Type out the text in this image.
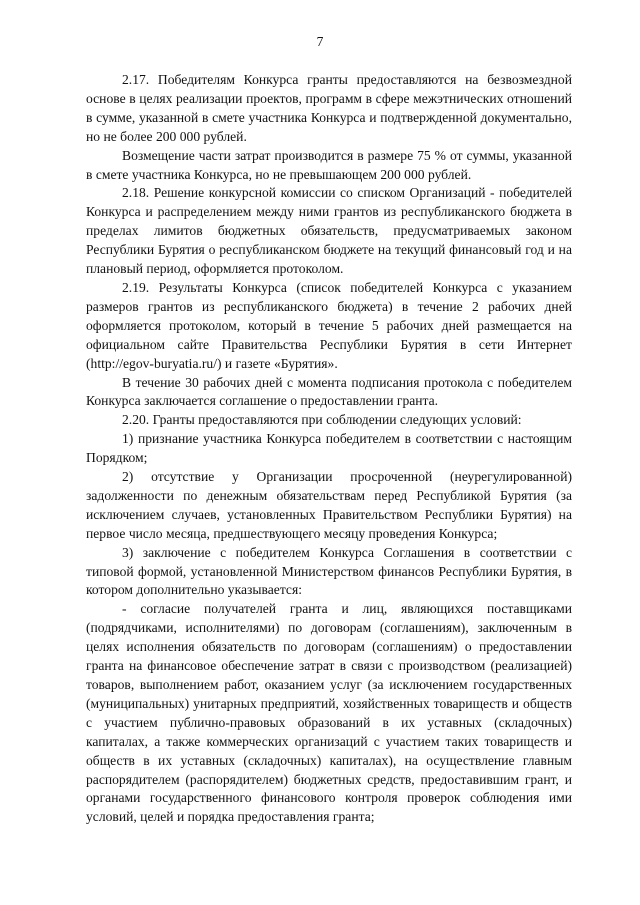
7

2.17. Победителям Конкурса гранты предоставляются на безвозмездной основе в целях реализации проектов, программ в сфере межэтнических отношений в сумме, указанной в смете участника Конкурса и подтвержденной документально, но не более 200 000 рублей.

Возмещение части затрат производится в размере 75 % от суммы, указанной в смете участника Конкурса, но не превышающем 200 000 рублей.

2.18. Решение конкурсной комиссии со списком Организаций - победителей Конкурса и распределением между ними грантов из республиканского бюджета в пределах лимитов бюджетных обязательств, предусматриваемых законом Республики Бурятия о республиканском бюджете на текущий финансовый год и на плановый период, оформляется протоколом.

2.19. Результаты Конкурса (список победителей Конкурса с указанием размеров грантов из республиканского бюджета) в течение 2 рабочих дней оформляется протоколом, который в течение 5 рабочих дней размещается на официальном сайте Правительства Республики Бурятия в сети Интернет (http://egov-buryatia.ru/) и газете «Бурятия».

В течение 30 рабочих дней с момента подписания протокола с победителем Конкурса заключается соглашение о предоставлении гранта.

2.20. Гранты предоставляются при соблюдении следующих условий:

1) признание участника Конкурса победителем в соответствии с настоящим Порядком;

2) отсутствие у Организации просроченной (неурегулированной) задолженности по денежным обязательствам перед Республикой Бурятия (за исключением случаев, установленных Правительством Республики Бурятия) на первое число месяца, предшествующего месяцу проведения Конкурса;

3) заключение с победителем Конкурса Соглашения в соответствии с типовой формой, установленной Министерством финансов Республики Бурятия, в котором дополнительно указывается:

- согласие получателей гранта и лиц, являющихся поставщиками (подрядчиками, исполнителями) по договорам (соглашениям), заключенным в целях исполнения обязательств по договорам (соглашениям) о предоставлении гранта на финансовое обеспечение затрат в связи с производством (реализацией) товаров, выполнением работ, оказанием услуг (за исключением государственных (муниципальных) унитарных предприятий, хозяйственных товариществ и обществ с участием публично-правовых образований в их уставных (складочных) капиталах, а также коммерческих организаций с участием таких товариществ и обществ в их уставных (складочных) капиталах), на осуществление главным распорядителем (распорядителем) бюджетных средств, предоставившим грант, и органами государственного финансового контроля проверок соблюдения ими условий, целей и порядка предоставления гранта;
